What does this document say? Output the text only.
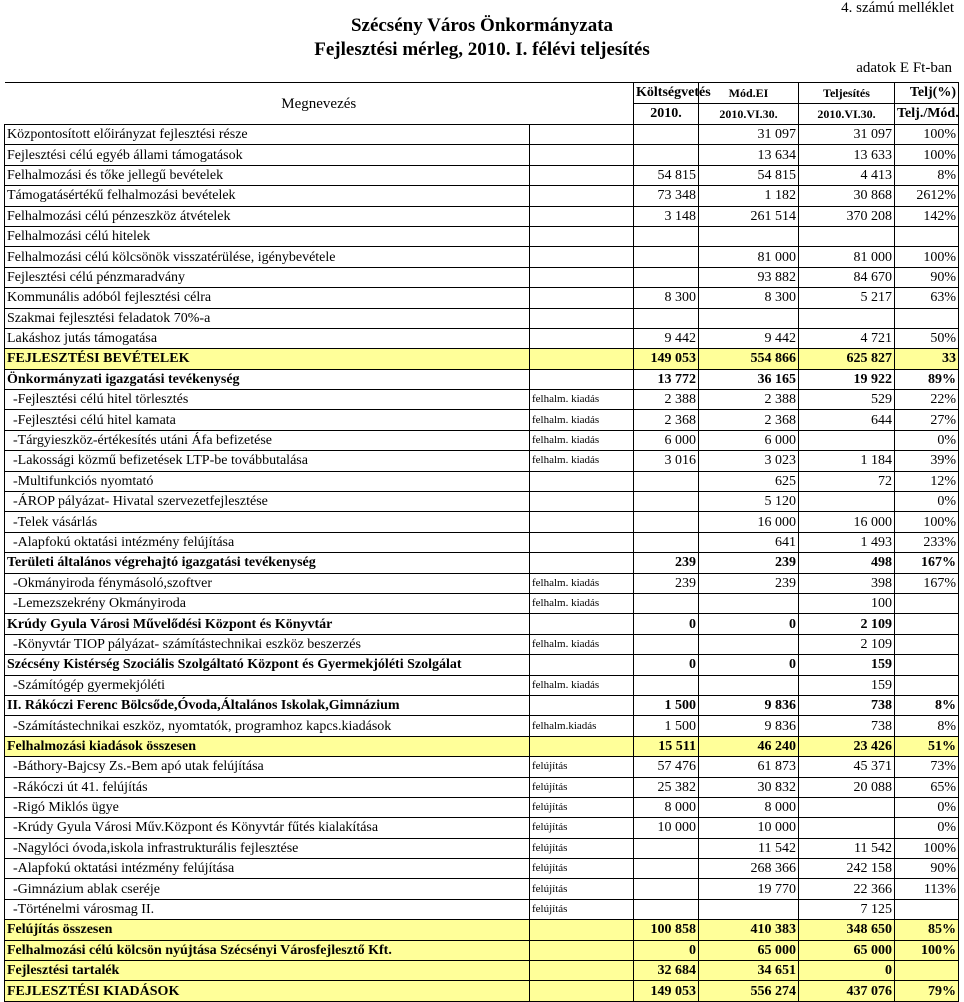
4. számú melléklet
Szécsény Város Önkormányzata
Fejlesztési mérleg, 2010. I. félévi teljesítés
adatok E Ft-ban
Megnevezés		Költségvetés	Mód.EI	Teljesítés	Telj(%)
		2010.	2010.VI.30.	2010.VI.30.	Telj./Mód.
Központosított előirányzat fejlesztési része			31 097	31 097	100%
Fejlesztési célú egyéb állami támogatások			13 634	13 633	100%
Felhalmozási és tőke jellegű bevételek		54 815	54 815	4 413	8%
Támogatásértékű felhalmozási bevételek		73 348	1 182	30 868	2612%
Felhalmozási célú pénzeszköz átvételek		3 148	261 514	370 208	142%
Felhalmozási célú hitelek					
Felhalmozási célú kölcsönök visszatérülése, igénybevétele			81 000	81 000	100%
Fejlesztési célú pénzmaradvány			93 882	84 670	90%
Kommunális adóból fejlesztési célra		8 300	8 300	5 217	63%
Szakmai fejlesztési feladatok 70%-a					
Lakáshoz jutás támogatása		9 442	9 442	4 721	50%
FEJLESZTÉSI BEVÉTELEK		149 053	554 866	625 827	33
Önkormányzati igazgatási tevékenység		13 772	36 165	19 922	89%
-Fejlesztési célú hitel törlesztés	felhalm. kiadás	2 388	2 388	529	22%
-Fejlesztési célú hitel kamata	felhalm. kiadás	2 368	2 368	644	27%
-Tárgyieszköz-értékesítés utáni Áfa befizetése	felhalm. kiadás	6 000	6 000		0%
-Lakossági közmű befizetések LTP-be továbbutalása	felhalm. kiadás	3 016	3 023	1 184	39%
-Multifunkciós nyomtató			625	72	12%
-ÁROP pályázat- Hivatal szervezetfejlesztése			5 120		0%
-Telek vásárlás			16 000	16 000	100%
-Alapfokú oktatási intézmény felújítása			641	1 493	233%
Területi általános végrehajtó igazgatási tevékenység		239	239	498	167%
-Okmányiroda fénymásoló,szoftver	felhalm. kiadás	239	239	398	167%
-Lemezszekrény Okmányiroda	felhalm. kiadás			100	
Krúdy Gyula Városi Művelődési Központ és Könyvtár		0	0	2 109	
-Könyvtár TIOP pályázat- számítástechnikai eszköz beszerzés	felhalm. kiadás			2 109	
Szécsény Kistérség Szociális Szolgáltató Központ és Gyermekjóléti Szolgálat		0	0	159	
-Számítógép gyermekjóléti	felhalm. kiadás			159	
II. Rákóczi Ferenc Bölcsőde,Óvoda,Általános Iskolak,Gimnázium		1 500	9 836	738	8%
-Számítástechnikai eszköz, nyomtatók, programhoz kapcs.kiadások	felhalm.kiadás	1 500	9 836	738	8%
Felhalmozási kiadások összesen		15 511	46 240	23 426	51%
-Báthory-Bajcsy Zs.-Bem apó utak felújítása	felújítás	57 476	61 873	45 371	73%
-Rákóczi út 41. felújítás	felújítás	25 382	30 832	20 088	65%
-Rigó Miklós ügye	felújítás	8 000	8 000		0%
-Krúdy Gyula Városi Műv.Központ és Könyvtár fűtés kialakítása	felújítás	10 000	10 000		0%
-Nagylóci óvoda,iskola infrastrukturális fejlesztése	felújítás		11 542	11 542	100%
-Alapfokú oktatási intézmény felújítása	felújítás		268 366	242 158	90%
-Gimnázium ablak cseréje	felújítás		19 770	22 366	113%
-Történelmi városmag II.	felújítás			7 125	
Felújítás összesen		100 858	410 383	348 650	85%
Felhalmozási célú kölcsön nyújtása Szécsényi Városfejlesztő Kft.		0	65 000	65 000	100%
Fejlesztési tartalék		32 684	34 651	0	
FEJLESZTÉSI KIADÁSOK		149 053	556 274	437 076	79%
